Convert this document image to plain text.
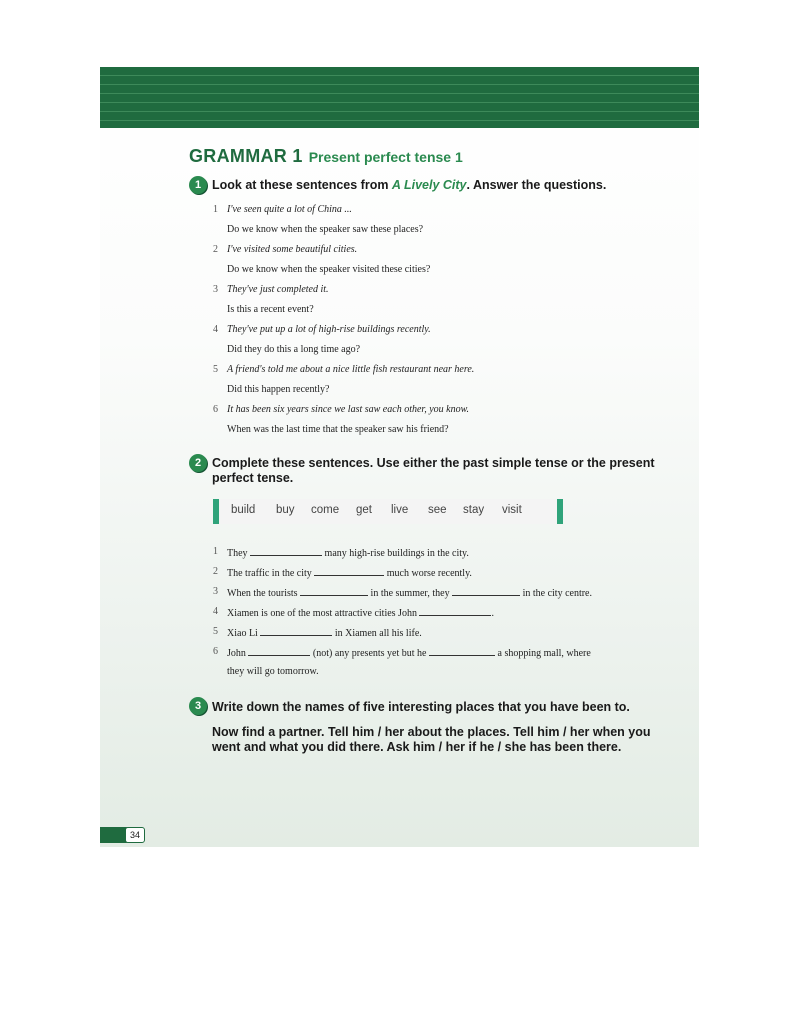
GRAMMAR 1 Present perfect tense 1
1 Look at these sentences from A Lively City. Answer the questions.
1 I've seen quite a lot of China ...
Do we know when the speaker saw these places?
2 I've visited some beautiful cities.
Do we know when the speaker visited these cities?
3 They've just completed it.
Is this a recent event?
4 They've put up a lot of high-rise buildings recently.
Did they do this a long time ago?
5 A friend's told me about a nice little fish restaurant near here.
Did this happen recently?
6 It has been six years since we last saw each other, you know.
When was the last time that the speaker saw his friend?
2 Complete these sentences. Use either the past simple tense or the present
perfect tense.
build buy come get live see stay visit
1 They	many high-rise buildings in the city.
2 The traffic in the city	much worse recently.
3 When the tourists	in the summer, they	in the city centre.
4 Xiamen is one of the most attractive cities John	.
5 Xiao Li	in Xiamen all his life.
6 John	(not) any presents yet but he	a shopping mall, where
they will go tomorrow.
3 Write down the names of five interesting places that you have been to.
Now find a partner. Tell him / her about the places. Tell him / her when you
went and what you did there. Ask him / her if he / she has been there.
34
